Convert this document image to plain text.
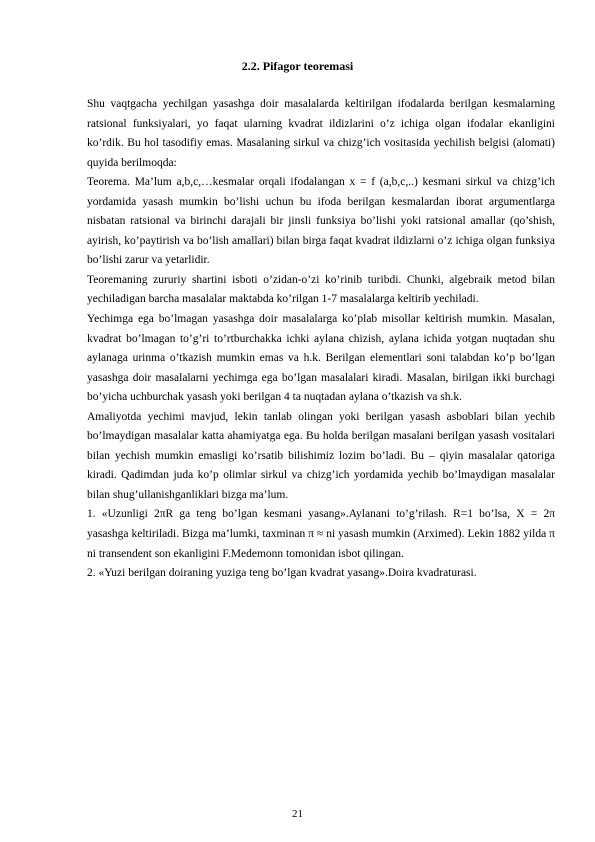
2.2. Pifagor teoremasi

Shu vaqtgacha yechilgan yasashga doir masalalarda keltirilgan ifodalarda berilgan kesmalarning ratsional funksiyalari, yo faqat ularning kvadrat ildizlarini o’z ichiga olgan ifodalar ekanligini ko’rdik. Bu hol tasodifiy emas. Masalaning sirkul va chizg’ich vositasida yechilish belgisi (alomati) quyida berilmoqda:

Teorema. Ma’lum a,b,c,…kesmalar orqali ifodalangan x = f (a,b,c,..) kesmani sirkul va chizg’ich yordamida yasash mumkin bo’lishi uchun bu ifoda berilgan kesmalardan iborat argumentlarga nisbatan ratsional va birinchi darajali bir jinsli funksiya bo’lishi yoki ratsional amallar (qo’shish, ayirish, ko’paytirish va bo’lish amallari) bilan birga faqat kvadrat ildizlarni o’z ichiga olgan funksiya bo’lishi zarur va yetarlidir.

Teoremaning zururiy shartini isboti o’zidan-o’zi ko’rinib turibdi. Chunki, algebraik metod bilan yechiladigan barcha masalalar maktabda ko’rilgan 1-7 masalalarga keltirib yechiladi.

Yechimga ega bo’lmagan yasashga doir masalalarga ko’plab misollar keltirish mumkin. Masalan, kvadrat bo’lmagan to’g’ri to’rtburchakka ichki aylana chizish, aylana ichida yotgan nuqtadan shu aylanaga urinma o’tkazish mumkin emas va h.k. Berilgan elementlari soni talabdan ko’p bo’lgan yasashga doir masalalarni yechimga ega bo’lgan masalalari kiradi. Masalan, birilgan ikki burchagi bo’yicha uchburchak yasash yoki berilgan 4 ta nuqtadan aylana o’tkazish va sh.k.

Amaliyotda yechimi mavjud, lekin tanlab olingan yoki berilgan yasash asboblari bilan yechib bo’lmaydigan masalalar katta ahamiyatga ega. Bu holda berilgan masalani berilgan yasash vositalari bilan yechish mumkin emasligi ko’rsatib bilishimiz lozim bo’ladi. Bu – qiyin masalalar qatoriga kiradi. Qadimdan juda ko’p olimlar sirkul va chizg’ich yordamida yechib bo’lmaydigan masalalar bilan shug’ullanishganliklari bizga ma’lum.

1. «Uzunligi 2πR ga teng bo’lgan kesmani yasang».Aylanani to’g’rilash. R=1 bo’lsa, X = 2π yasashga keltiriladi. Bizga ma’lumki, taxminan π ≈ ni yasash mumkin (Arximed). Lekin 1882 yilda π ni transendent son ekanligini F.Medemonn tomonidan isbot qilingan.

2. «Yuzi berilgan doiraning yuziga teng bo’lgan kvadrat yasang».Doira kvadraturasi.

21
